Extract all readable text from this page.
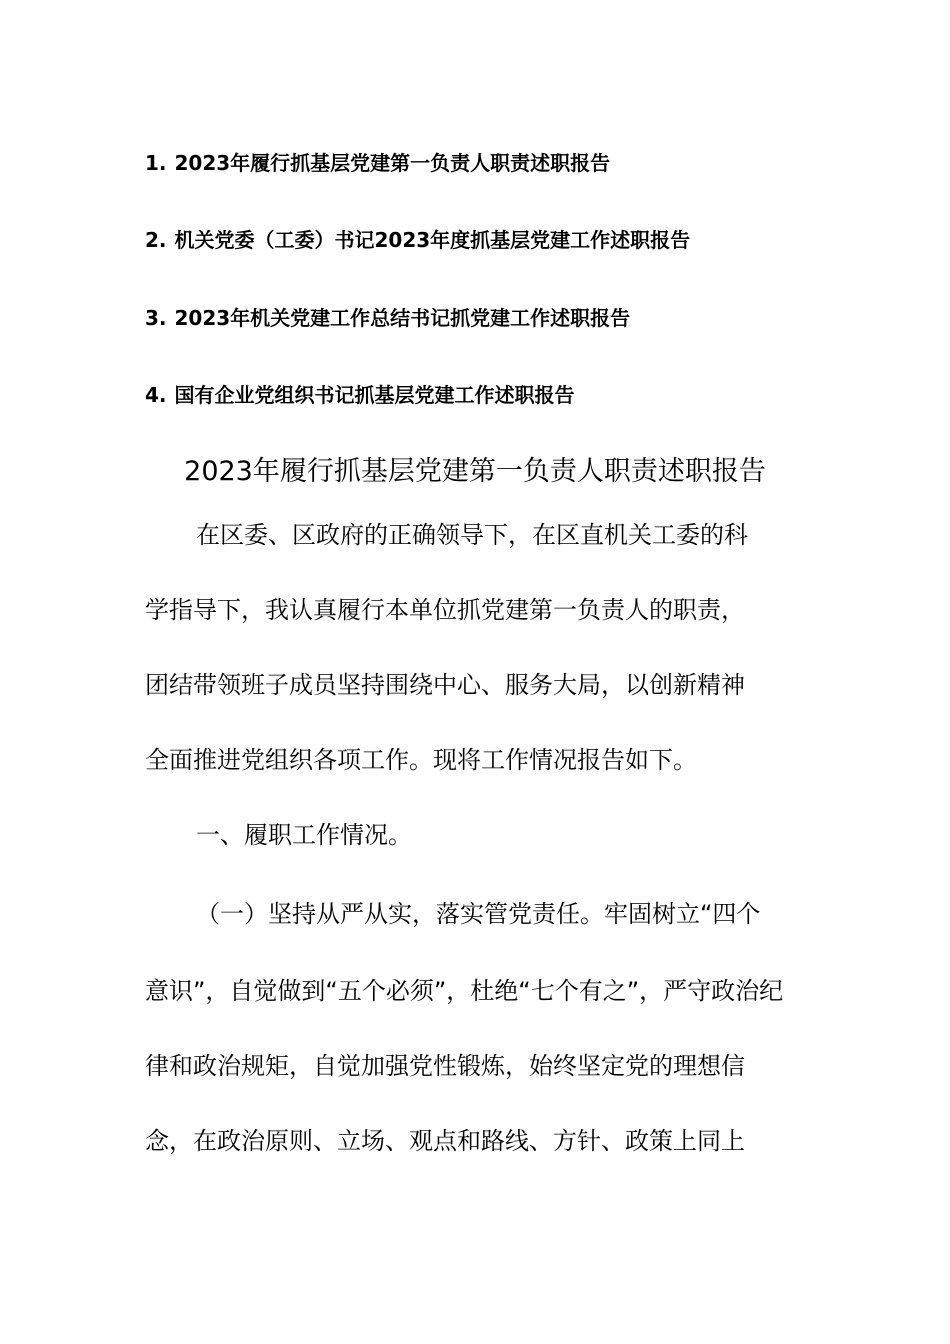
1. 2023年履行抓基层党建第一负责人职责述职报告
2. 机关党委（工委）书记2023年度抓基层党建工作述职报告
3. 2023年机关党建工作总结书记抓党建工作述职报告
4. 国有企业党组织书记抓基层党建工作述职报告
2023年履行抓基层党建第一负责人职责述职报告
在区委、区政府的正确领导下，在区直机关工委的科
学指导下，我认真履行本单位抓党建第一负责人的职责，
团结带领班子成员坚持围绕中心、服务大局，以创新精神
全面推进党组织各项工作。现将工作情况报告如下。
一、履职工作情况。
（一）坚持从严从实，落实管党责任。牢固树立“四个
意识”，自觉做到“五个必须”，杜绝“七个有之”，严守政治纪
律和政治规矩，自觉加强党性锻炼，始终坚定党的理想信
念，在政治原则、立场、观点和路线、方针、政策上同上
